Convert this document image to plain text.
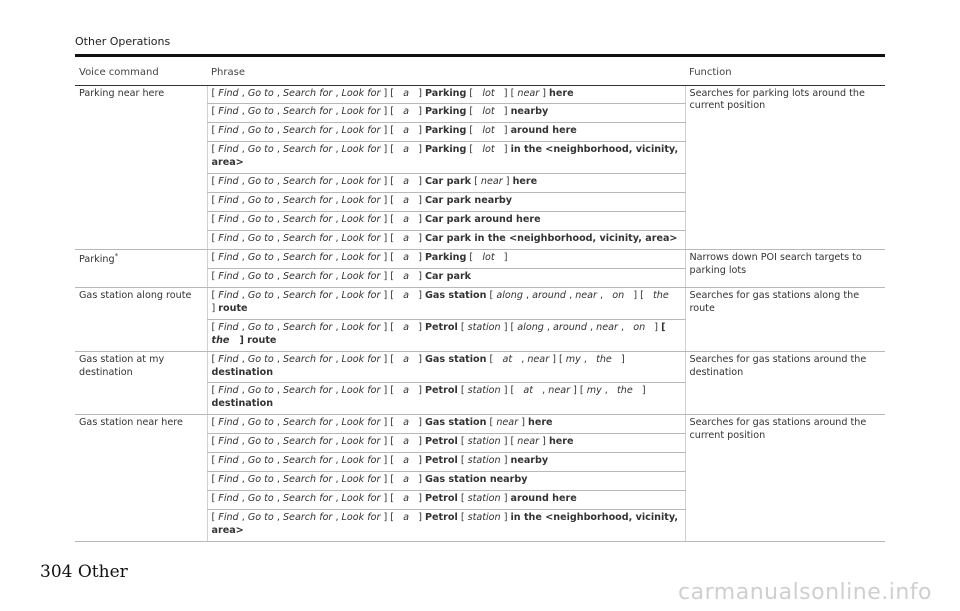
Other Operations
Voice command	Phrase	Function
Parking near here	[ Find , Go to , Search for , Look for ] [   a   ] Parking [   lot   ] [ near ] here	Searches for parking lots around the current position
	[ Find , Go to , Search for , Look for ] [   a   ] Parking [   lot   ] nearby	
	[ Find , Go to , Search for , Look for ] [   a   ] Parking [   lot   ] around here	
	[ Find , Go to , Search for , Look for ] [   a   ] Parking [   lot   ] in the <neighborhood, vicinity, area>	
	[ Find , Go to , Search for , Look for ] [   a   ] Car park [ near ] here	
	[ Find , Go to , Search for , Look for ] [   a   ] Car park nearby	
	[ Find , Go to , Search for , Look for ] [   a   ] Car park around here	
	[ Find , Go to , Search for , Look for ] [   a   ] Car park in the <neighborhood, vicinity, area>	
Parking*	[ Find , Go to , Search for , Look for ] [   a   ] Parking [   lot   ]	Narrows down POI search targets to parking lots
	[ Find , Go to , Search for , Look for ] [   a   ] Car park	
Gas station along route	[ Find , Go to , Search for , Look for ] [   a   ] Gas station [ along , around , near ,   on   ] [   the   ] route	Searches for gas stations along the route
	[ Find , Go to , Search for , Look for ] [   a   ] Petrol [ station ] [ along , around , near ,   on   ] [   the   ] route	
Gas station at my destination	[ Find , Go to , Search for , Look for ] [   a   ] Gas station [   at   , near ] [ my ,   the   ] destination	Searches for gas stations around the destination
	[ Find , Go to , Search for , Look for ] [   a   ] Petrol [ station ] [   at   , near ] [ my ,   the   ] destination	
Gas station near here	[ Find , Go to , Search for , Look for ] [   a   ] Gas station [ near ] here	Searches for gas stations around the current position
	[ Find , Go to , Search for , Look for ] [   a   ] Petrol [ station ] [ near ] here	
	[ Find , Go to , Search for , Look for ] [   a   ] Petrol [ station ] nearby	
	[ Find , Go to , Search for , Look for ] [   a   ] Gas station nearby	
	[ Find , Go to , Search for , Look for ] [   a   ] Petrol [ station ] around here	
	[ Find , Go to , Search for , Look for ] [   a   ] Petrol [ station ] in the <neighborhood, vicinity, area>	
304 Other
carmanualsonline.info
